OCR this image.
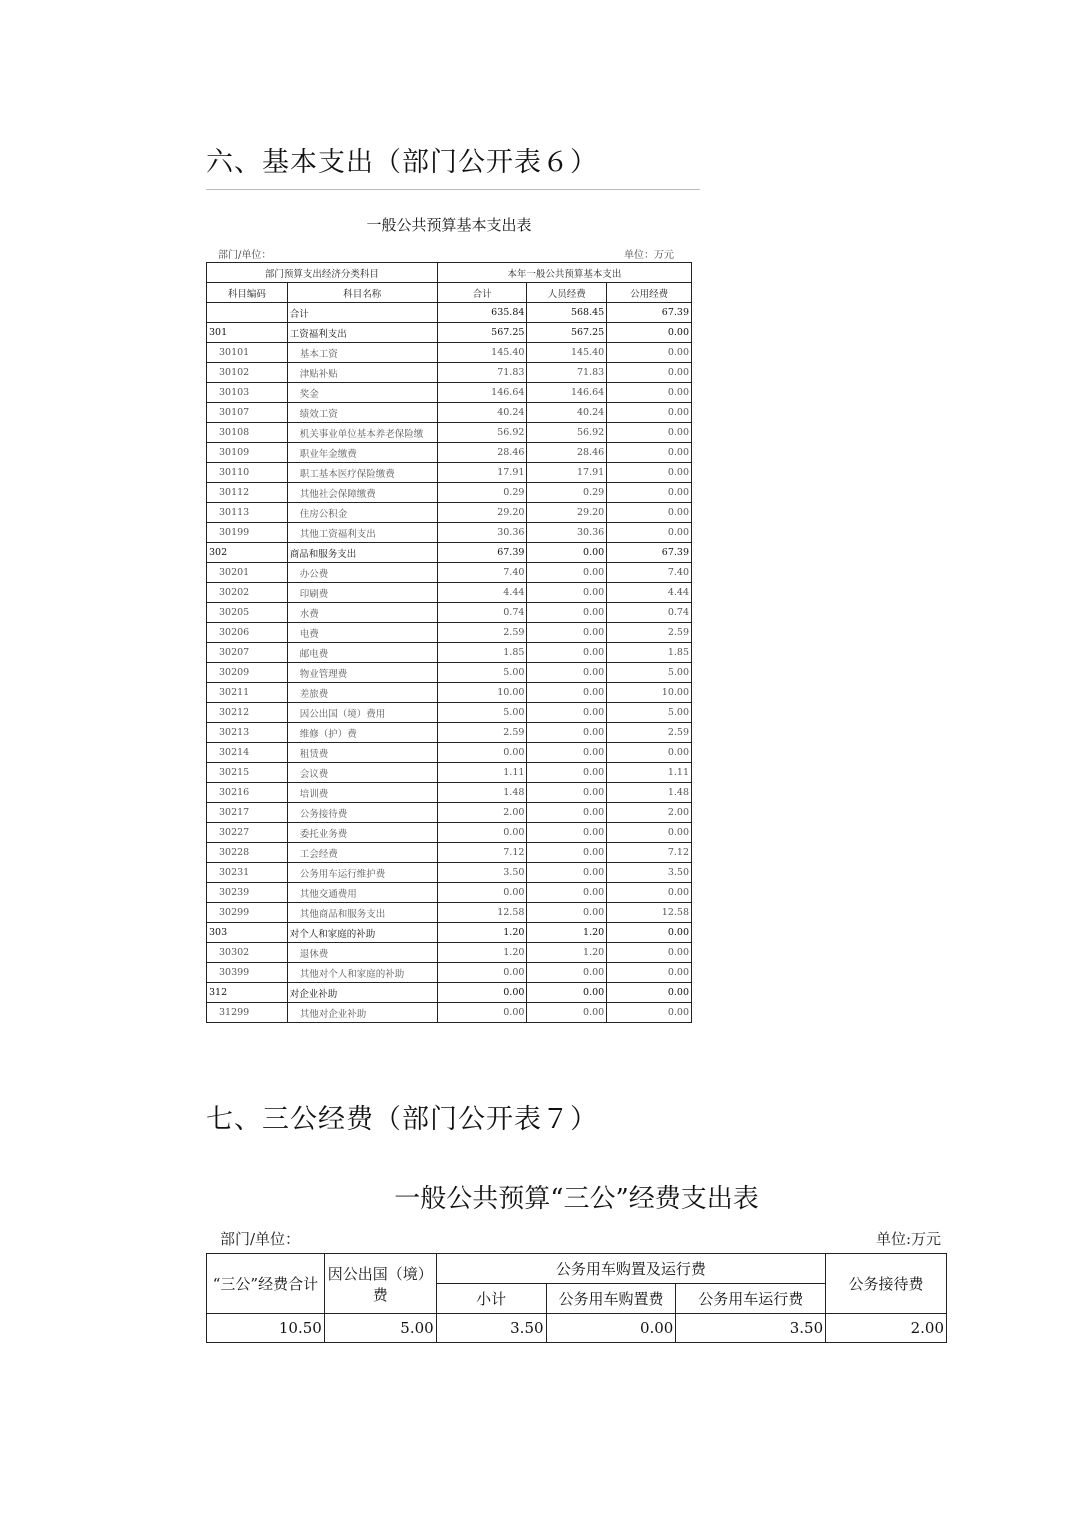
六、基本支出（部门公开表６）
一般公共预算基本支出表
部门/单位：	单位：万元
部门预算支出经济分类科目		本年一般公共预算基本支出		
科目编码	科目名称	合计	人员经费	公用经费
	合计	635.84	568.45	67.39
301	工资福利支出	567.25	567.25	0.00
30101	基本工资	145.40	145.40	0.00
30102	津贴补贴	71.83	71.83	0.00
30103	奖金	146.64	146.64	0.00
30107	绩效工资	40.24	40.24	0.00
30108	机关事业单位基本养老保险缴	56.92	56.92	0.00
30109	职业年金缴费	28.46	28.46	0.00
30110	职工基本医疗保险缴费	17.91	17.91	0.00
30112	其他社会保障缴费	0.29	0.29	0.00
30113	住房公积金	29.20	29.20	0.00
30199	其他工资福利支出	30.36	30.36	0.00
302	商品和服务支出	67.39	0.00	67.39
30201	办公费	7.40	0.00	7.40
30202	印刷费	4.44	0.00	4.44
30205	水费	0.74	0.00	0.74
30206	电费	2.59	0.00	2.59
30207	邮电费	1.85	0.00	1.85
30209	物业管理费	5.00	0.00	5.00
30211	差旅费	10.00	0.00	10.00
30212	因公出国（境）费用	5.00	0.00	5.00
30213	维修（护）费	2.59	0.00	2.59
30214	租赁费	0.00	0.00	0.00
30215	会议费	1.11	0.00	1.11
30216	培训费	1.48	0.00	1.48
30217	公务接待费	2.00	0.00	2.00
30227	委托业务费	0.00	0.00	0.00
30228	工会经费	7.12	0.00	7.12
30231	公务用车运行维护费	3.50	0.00	3.50
30239	其他交通费用	0.00	0.00	0.00
30299	其他商品和服务支出	12.58	0.00	12.58
303	对个人和家庭的补助	1.20	1.20	0.00
30302	退休费	1.20	1.20	0.00
30399	其他对个人和家庭的补助	0.00	0.00	0.00
312	对企业补助	0.00	0.00	0.00
31299	其他对企业补助	0.00	0.00	0.00
七、三公经费（部门公开表７）
一般公共预算“三公”经费支出表
部门/单位：	单位:万元
“三公”经费合计	因公出国（境）费	公务用车购置及运行费			公务接待费
		小计	公务用车购置费	公务用车运行费	
10.50	5.00	3.50	0.00	3.50	2.00
